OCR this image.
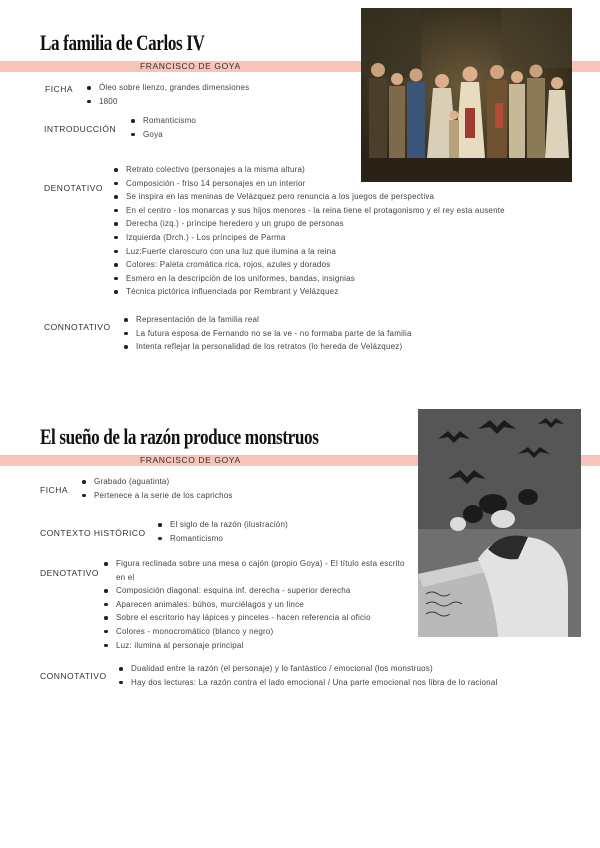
La familia de Carlos IV
FRANCISCO DE GOYA
FICHA	Óleo sobre lienzo, grandes dimensiones
1800
INTRODUCCIÓN
Romanticismo
Goya
DENOTATIVO
Retrato colectivo (personajes a la misma altura)
Composición - friso 14 personajes en un interior
Se inspira en las meninas de Velázquez pero renuncia a los juegos de perspectiva
En el centro - los monarcas y sus hijos menores - la reina tiene el protagonismo y el rey esta ausente
Derecha (izq.) - príncipe heredero y un grupo de personas
Izquierda (Drch.) - Los príncipes de Parma
Luz:Fuerte claroscuro con una luz que ilumina a la reina
Colores: Paleta cromática rica, rojos, azules y dorados
Esmero en la descripción de los uniformes, bandas, insignias
Técnica pictórica influenciada por Rembrant y Velázquez
CONNOTATIVO
Representación de la familia real
La futura esposa de Fernando no se la ve - no formaba parte de la familia
Intenta reflejar la personalidad de los retratos (lo hereda de Velázquez)
El sueño de la razón produce monstruos
FRANCISCO DE GOYA
FICHA
Grabado (aguatinta)
Pertenece a la serie de los caprichos
CONTEXTO HISTÓRICO
El siglo de la razón (ilustración)
Romanticismo
DENOTATIVO
Figura reclinada sobre una mesa o cajón (propio Goya) - El título esta escrito en el
Composición diagonal: esquina inf. derecha - superior derecha
Aparecen animales: búhos, murciélagos y un lince
Sobre el escritorio hay lápices y pinceles - hacen referencia al oficio
Colores - monocromático (blanco y negro)
Luz: ilumina al personaje principal
CONNOTATIVO
Dualidad entre la razón (el personaje) y lo fantástico / emocional (los monstruos)
Hay dos lecturas: La razón contra el lado emocional / Una parte emocional nos libra de lo racional
